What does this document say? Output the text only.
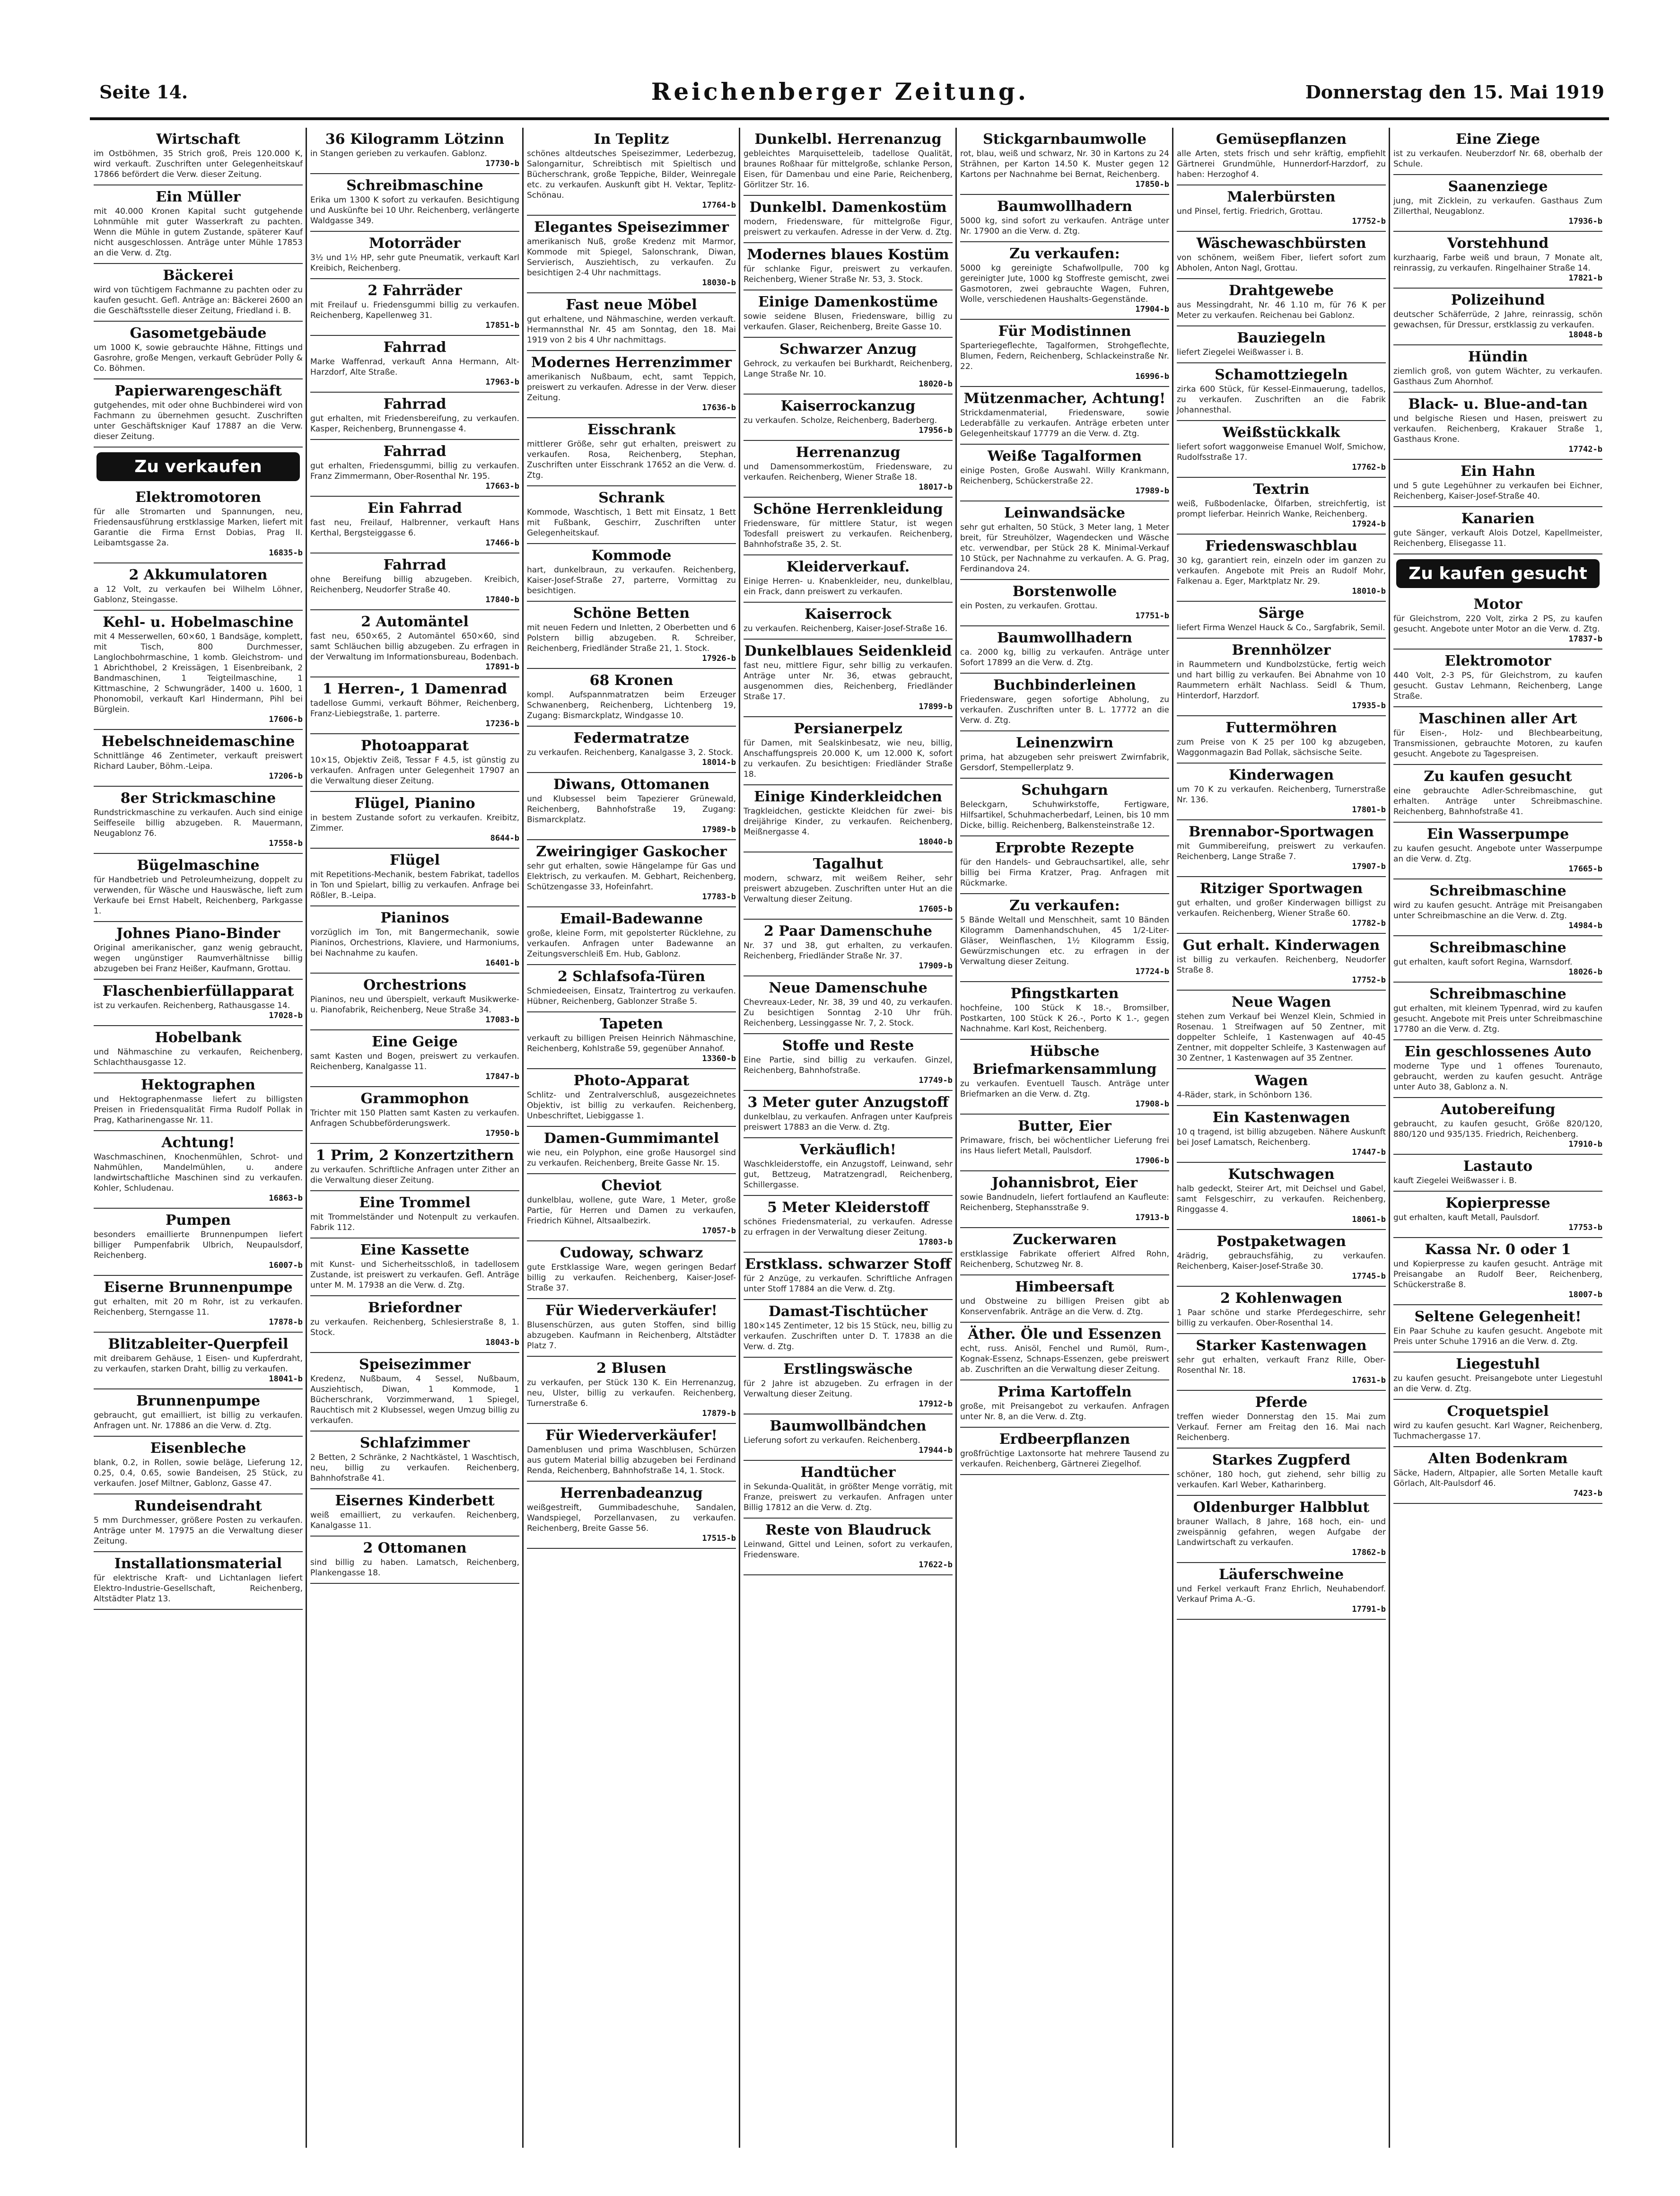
Seite 14.	Reichenberger Zeitung.	Donnerstag den 15. Mai 1919
Wirtschaft
im Ostböhmen, 35 Strich groß, Preis 120.000 K, wird verkauft. Zuschriften unter Gelegenheitskauf 17866 befördert die Verw. dieser Zeitung.
Ein Müller
mit 40.000 Kronen Kapital sucht gutgehende Lohnmühle mit guter Wasserkraft zu pachten. Wenn die Mühle in gutem Zustande, späterer Kauf nicht ausgeschlossen. Anträge unter Mühle 17853 an die Verw. d. Ztg.
Bäckerei
wird von tüchtigem Fachmanne zu pachten oder zu kaufen gesucht. Gefl. Anträge an: Bäckerei 2600 an die Geschäftsstelle dieser Zeitung, Friedland i. B.
Gasometgebäude
um 1000 K, sowie gebrauchte Hähne, Fittings und Gasrohre, große Mengen, verkauft Gebrüder Polly & Co. Böhmen.
Papierwarengeschäft
gutgehendes, mit oder ohne Buchbinderei wird von Fachmann zu übernehmen gesucht. Zuschriften unter Geschäftskniger Kauf 17887 an die Verw. dieser Zeitung.
Zu verkaufen
Elektromotoren
für alle Stromarten und Spannungen, neu, Friedensausführung erstklassige Marken, liefert mit Garantie die Firma Ernst Dobias, Prag II. Leibamtsgasse 2a.
16835-b
2 Akkumulatoren
a 12 Volt, zu verkaufen bei Wilhelm Löhner, Gablonz, Steingasse.
Kehl- u. Hobelmaschine
mit 4 Messerwellen, 60×60, 1 Bandsäge, komplett, mit Tisch, 800 Durchmesser, Langlochbohrmaschine, 1 komb. Gleichstrom- und 1 Abrichthobel, 2 Kreissägen, 1 Eisenbreibank, 2 Bandmaschinen, 1 Teigteilmaschine, 1 Kittmaschine, 2 Schwungräder, 1400 u. 1600, 1 Phonomobil, verkauft Karl Hindermann, Pihl bei Bürglein.
17606-b
Hebelschneidemaschine
Schnittlänge 46 Zentimeter, verkauft preiswert Richard Lauber, Böhm.-Leipa.
17206-b
8er Strickmaschine
Rundstrickmaschine zu verkaufen. Auch sind einige Seiffeseile billig abzugeben. R. Mauermann, Neugablonz 76.
17558-b
Bügelmaschine
für Handbetrieb und Petroleumheizung, doppelt zu verwenden, für Wäsche und Hauswäsche, lieft zum Verkaufe bei Ernst Habelt, Reichenberg, Parkgasse 1.
Johnes Piano-Binder
Original amerikanischer, ganz wenig gebraucht, wegen ungünstiger Raumverhältnisse billig abzugeben bei Franz Heißer, Kaufmann, Grottau.
Flaschenbierfüllapparat
ist zu verkaufen. Reichenberg, Rathausgasse 14.
17028-b
Hobelbank
und Nähmaschine zu verkaufen, Reichenberg, Schlachthausgasse 12.
Hektographen
und Hektographenmasse liefert zu billigsten Preisen in Friedensqualität Firma Rudolf Pollak in Prag, Katharinengasse Nr. 11.
Achtung!
Waschmaschinen, Knochenmühlen, Schrot- und Nahmühlen, Mandelmühlen, u. andere landwirtschaftliche Maschinen sind zu verkaufen. Kohler, Schludenau.
16863-b
Pumpen
besonders emaillierte Brunnenpumpen liefert billiger Pumpenfabrik Ulbrich, Neupaulsdorf, Reichenberg.
16007-b
Eiserne Brunnenpumpe
gut erhalten, mit 20 m Rohr, ist zu verkaufen. Reichenberg, Sterngasse 11.
17878-b
Blitzableiter-Querpfeil
mit dreibarem Gehäuse, 1 Eisen- und Kupferdraht, zu verkaufen, starken Draht, billig zu verkaufen.
18041-b
Brunnenpumpe
gebraucht, gut emailliert, ist billig zu verkaufen. Anfragen unt. Nr. 17886 an die Verw. d. Ztg.
Eisenbleche
blank, 0.2, in Rollen, sowie beläge, Lieferung 12, 0.25, 0.4, 0.65, sowie Bandeisen, 25 Stück, zu verkaufen. Josef Miltner, Gablonz, Gasse 47.
Rundeisendraht
5 mm Durchmesser, größere Posten zu verkaufen. Anträge unter M. 17975 an die Verwaltung dieser Zeitung.
Installationsmaterial
für elektrische Kraft- und Lichtanlagen liefert Elektro-Industrie-Gesellschaft, Reichenberg, Altstädter Platz 13.
36 Kilogramm Lötzinn
in Stangen gerieben zu verkaufen. Gablonz.
17730-b
Schreibmaschine
Erika um 1300 K sofort zu verkaufen. Besichtigung und Auskünfte bei 10 Uhr. Reichenberg, verlängerte Waldgasse 349.
Motorräder
3½ und 1½ HP, sehr gute Pneumatik, verkauft Karl Kreibich, Reichenberg.
2 Fahrräder
mit Freilauf u. Friedensgummi billig zu verkaufen. Reichenberg, Kapellenweg 31.
17851-b
Fahrrad
Marke Waffenrad, verkauft Anna Hermann, Alt-Harzdorf, Alte Straße.
17963-b
Fahrrad
gut erhalten, mit Friedensbereifung, zu verkaufen. Kasper, Reichenberg, Brunnengasse 4.
Fahrrad
gut erhalten, Friedensgummi, billig zu verkaufen. Franz Zimmermann, Ober-Rosenthal Nr. 195.
17663-b
Ein Fahrrad
fast neu, Freilauf, Halbrenner, verkauft Hans Kerthal, Bergsteiggasse 6.
17466-b
Fahrrad
ohne Bereifung billig abzugeben. Kreibich, Reichenberg, Neudorfer Straße 40.
17840-b
2 Automäntel
fast neu, 650×65, 2 Automäntel 650×60, sind samt Schläuchen billig abzugeben. Zu erfragen in der Verwaltung im Informationsbureau, Bodenbach.
17891-b
1 Herren-, 1 Damenrad
tadellose Gummi, verkauft Böhmer, Reichenberg, Franz-Liebiegstraße, 1. parterre.
17236-b
Photoapparat
10×15, Objektiv Zeiß, Tessar F 4.5, ist günstig zu verkaufen. Anfragen unter Gelegenheit 17907 an die Verwaltung dieser Zeitung.
Flügel, Pianino
in bestem Zustande sofort zu verkaufen. Kreibitz, Zimmer.
8644-b
Flügel
mit Repetitions-Mechanik, bestem Fabrikat, tadellos in Ton und Spielart, billig zu verkaufen. Anfrage bei Rößler, B.-Leipa.
Pianinos
vorzüglich im Ton, mit Bangermechanik, sowie Pianinos, Orchestrions, Klaviere, und Harmoniums, bei Nachnahme zu kaufen.
16401-b
Orchestrions
Pianinos, neu und überspielt, verkauft Musikwerke- u. Pianofabrik, Reichenberg, Neue Straße 34.
17083-b
Eine Geige
samt Kasten und Bogen, preiswert zu verkaufen. Reichenberg, Kanalgasse 11.
17847-b
Grammophon
Trichter mit 150 Platten samt Kasten zu verkaufen. Anfragen Schubbeförderungswerk.
17950-b
1 Prim, 2 Konzertzithern
zu verkaufen. Schriftliche Anfragen unter Zither an die Verwaltung dieser Zeitung.
Eine Trommel
mit Trommelständer und Notenpult zu verkaufen. Fabrik 112.
Eine Kassette
mit Kunst- und Sicherheitsschloß, in tadellosem Zustande, ist preiswert zu verkaufen. Gefl. Anträge unter M. M. 17938 an die Verw. d. Ztg.
Briefordner
zu verkaufen. Reichenberg, Schlesierstraße 8, 1. Stock.
18043-b
Speisezimmer
Kredenz, Nußbaum, 4 Sessel, Nußbaum, Ausziehtisch, Diwan, 1 Kommode, 1 Bücherschrank, Vorzimmerwand, 1 Spiegel, Rauchtisch mit 2 Klubsessel, wegen Umzug billig zu verkaufen.
Schlafzimmer
2 Betten, 2 Schränke, 2 Nachtkästel, 1 Waschtisch, neu, billig zu verkaufen. Reichenberg, Bahnhofstraße 41.
Eisernes Kinderbett
weiß emailliert, zu verkaufen. Reichenberg, Kanalgasse 11.
2 Ottomanen
sind billig zu haben. Lamatsch, Reichenberg, Plankengasse 18.
In Teplitz
schönes altdeutsches Speisezimmer, Lederbezug, Salongarnitur, Schreibtisch mit Spieltisch und Bücherschrank, große Teppiche, Bilder, Weinregale etc. zu verkaufen. Auskunft gibt H. Vektar, Teplitz-Schönau.
17764-b
Elegantes Speisezimmer
amerikanisch Nuß, große Kredenz mit Marmor, Kommode mit Spiegel, Salonschrank, Diwan, Servierisch, Ausziehtisch, zu verkaufen. Zu besichtigen 2-4 Uhr nachmittags.
18030-b
Fast neue Möbel
gut erhaltene, und Nähmaschine, werden verkauft. Hermannsthal Nr. 45 am Sonntag, den 18. Mai 1919 von 2 bis 4 Uhr nachmittags.
Modernes Herrenzimmer
amerikanisch Nußbaum, echt, samt Teppich, preiswert zu verkaufen. Adresse in der Verw. dieser Zeitung.
17636-b
Eisschrank
mittlerer Größe, sehr gut erhalten, preiswert zu verkaufen. Rosa, Reichenberg, Stephan, Zuschriften unter Eisschrank 17652 an die Verw. d. Ztg.
Schrank
Kommode, Waschtisch, 1 Bett mit Einsatz, 1 Bett mit Fußbank, Geschirr, Zuschriften unter Gelegenheitskauf.
Kommode
hart, dunkelbraun, zu verkaufen. Reichenberg, Kaiser-Josef-Straße 27, parterre, Vormittag zu besichtigen.
Schöne Betten
mit neuen Federn und Inletten, 2 Oberbetten und 6 Polstern billig abzugeben. R. Schreiber, Reichenberg, Friedländer Straße 21, 1. Stock.
17926-b
68 Kronen
kompl. Aufspannmatratzen beim Erzeuger Schwanenberg, Reichenberg, Lichtenberg 19, Zugang: Bismarckplatz, Windgasse 10.
Federmatratze
zu verkaufen. Reichenberg, Kanalgasse 3, 2. Stock.
18014-b
Diwans, Ottomanen
und Klubsessel beim Tapezierer Grünewald, Reichenberg, Bahnhofstraße 19, Zugang: Bismarckplatz.
17989-b
Zweiringiger Gaskocher
sehr gut erhalten, sowie Hängelampe für Gas und Elektrisch, zu verkaufen. M. Gebhart, Reichenberg, Schützengasse 33, Hofeinfahrt.
17783-b
Email-Badewanne
große, kleine Form, mit gepolsterter Rücklehne, zu verkaufen. Anfragen unter Badewanne an Zeitungsverschleiß Em. Hub, Gablonz.
2 Schlafsofa-Türen
Schmiedeeisen, Einsatz, Traintertrog zu verkaufen. Hübner, Reichenberg, Gablonzer Straße 5.
Tapeten
verkauft zu billigen Preisen Heinrich Nähmaschine, Reichenberg, Kohlstraße 59, gegenüber Annahof.
13360-b
Photo-Apparat
Schlitz- und Zentralverschluß, ausgezeichnetes Objektiv, ist billig zu verkaufen. Reichenberg, Unbeschriftet, Liebiggasse 1.
Damen-Gummimantel
wie neu, ein Polyphon, eine große Hausorgel sind zu verkaufen. Reichenberg, Breite Gasse Nr. 15.
Cheviot
dunkelblau, wollene, gute Ware, 1 Meter, große Partie, für Herren und Damen zu verkaufen, Friedrich Kühnel, Altsaalbezirk.
17057-b
Cudoway, schwarz
gute Erstklassige Ware, wegen geringen Bedarf billig zu verkaufen. Reichenberg, Kaiser-Josef-Straße 37.
Für Wiederverkäufer!
Blusenschürzen, aus guten Stoffen, sind billig abzugeben. Kaufmann in Reichenberg, Altstädter Platz 7.
2 Blusen
zu verkaufen, per Stück 130 K. Ein Herrenanzug, neu, Ulster, billig zu verkaufen. Reichenberg, Turnerstraße 6.
17879-b
Für Wiederverkäufer!
Damenblusen und prima Waschblusen, Schürzen aus gutem Material billig abzugeben bei Ferdinand Renda, Reichenberg, Bahnhofstraße 14, 1. Stock.
Herrenbadeanzug
weißgestreift, Gummibadeschuhe, Sandalen, Wandspiegel, Porzellanvasen, zu verkaufen. Reichenberg, Breite Gasse 56.
17515-b
Dunkelbl. Herrenanzug
gebleichtes Marquisetteleib, tadellose Qualität, braunes Roßhaar für mittelgroße, schlanke Person, Eisen, für Damenbau und eine Parie, Reichenberg, Görlitzer Str. 16.
Dunkelbl. Damenkostüm
modern, Friedensware, für mittelgroße Figur, preiswert zu verkaufen. Adresse in der Verw. d. Ztg.
Modernes blaues Kostüm
für schlanke Figur, preiswert zu verkaufen. Reichenberg, Wiener Straße Nr. 53, 3. Stock.
Einige Damenkostüme
sowie seidene Blusen, Friedensware, billig zu verkaufen. Glaser, Reichenberg, Breite Gasse 10.
Schwarzer Anzug
Gehrock, zu verkaufen bei Burkhardt, Reichenberg, Lange Straße Nr. 10.
18020-b
Kaiserrockanzug
zu verkaufen. Scholze, Reichenberg, Baderberg.
17956-b
Herrenanzug
und Damensommerkostüm, Friedensware, zu verkaufen. Reichenberg, Wiener Straße 18.
18017-b
Schöne Herrenkleidung
Friedensware, für mittlere Statur, ist wegen Todesfall preiswert zu verkaufen. Reichenberg, Bahnhofstraße 35, 2. St.
Kleiderverkauf.
Einige Herren- u. Knabenkleider, neu, dunkelblau, ein Frack, dann preiswert zu verkaufen.
Kaiserrock
zu verkaufen. Reichenberg, Kaiser-Josef-Straße 16.
Dunkelblaues Seidenkleid
fast neu, mittlere Figur, sehr billig zu verkaufen. Anträge unter Nr. 36, etwas gebraucht, ausgenommen dies, Reichenberg, Friedländer Straße 17.
17899-b
Persianerpelz
für Damen, mit Sealskinbesatz, wie neu, billig, Anschaffungspreis 20.000 K, um 12.000 K, sofort zu verkaufen. Zu besichtigen: Friedländer Straße 18.
Einige Kinderkleidchen
Tragkleidchen, gestickte Kleidchen für zwei- bis dreijährige Kinder, zu verkaufen. Reichenberg, Meißnergasse 4.
18040-b
Tagalhut
modern, schwarz, mit weißem Reiher, sehr preiswert abzugeben. Zuschriften unter Hut an die Verwaltung dieser Zeitung.
17605-b
2 Paar Damenschuhe
Nr. 37 und 38, gut erhalten, zu verkaufen. Reichenberg, Friedländer Straße Nr. 37.
17909-b
Neue Damenschuhe
Chevreaux-Leder, Nr. 38, 39 und 40, zu verkaufen. Zu besichtigen Sonntag 2-10 Uhr früh. Reichenberg, Lessinggasse Nr. 7, 2. Stock.
Stoffe und Reste
Eine Partie, sind billig zu verkaufen. Ginzel, Reichenberg, Bahnhofstraße.
17749-b
3 Meter guter Anzugstoff
dunkelblau, zu verkaufen. Anfragen unter Kaufpreis preiswert 17883 an die Verw. d. Ztg.
Verkäuflich!
Waschkleiderstoffe, ein Anzugstoff, Leinwand, sehr gut, Bettzeug, Matratzengradl, Reichenberg, Schillergasse.
5 Meter Kleiderstoff
schönes Friedensmaterial, zu verkaufen. Adresse zu erfragen in der Verwaltung dieser Zeitung.
17803-b
Erstklass. schwarzer Stoff
für 2 Anzüge, zu verkaufen. Schriftliche Anfragen unter Stoff 17884 an die Verw. d. Ztg.
Damast-Tischtücher
180×145 Zentimeter, 12 bis 15 Stück, neu, billig zu verkaufen. Zuschriften unter D. T. 17838 an die Verw. d. Ztg.
Erstlingswäsche
für 2 Jahre ist abzugeben. Zu erfragen in der Verwaltung dieser Zeitung.
17912-b
Baumwollbändchen
Lieferung sofort zu verkaufen. Reichenberg.
17944-b
Handtücher
in Sekunda-Qualität, in größter Menge vorrätig, mit Franze, preiswert zu verkaufen. Anfragen unter Billig 17812 an die Verw. d. Ztg.
Reste von Blaudruck
Leinwand, Gittel und Leinen, sofort zu verkaufen, Friedensware.
17622-b
Stickgarnbaumwolle
rot, blau, weiß und schwarz, Nr. 30 in Kartons zu 24 Strähnen, per Karton 14.50 K. Muster gegen 12 Kartons per Nachnahme bei Bernat, Reichenberg.
17850-b
Baumwollhadern
5000 kg, sind sofort zu verkaufen. Anträge unter Nr. 17900 an die Verw. d. Ztg.
Zu verkaufen:
5000 kg gereinigte Schafwollpulle, 700 kg gereinigter Jute, 1000 kg Stoffreste gemischt, zwei Gasmotoren, zwei gebrauchte Wagen, Fuhren, Wolle, verschiedenen Haushalts-Gegenstände.
17904-b
Für Modistinnen
Sparteriegeflechte, Tagalformen, Strohgeflechte, Blumen, Federn, Reichenberg, Schlackeinstraße Nr. 22.
16996-b
Mützenmacher, Achtung!
Strickdamenmaterial, Friedensware, sowie Lederabfälle zu verkaufen. Anträge erbeten unter Gelegenheitskauf 17779 an die Verw. d. Ztg.
Weiße Tagalformen
einige Posten, Große Auswahl. Willy Krankmann, Reichenberg, Schückerstraße 22.
17989-b
Leinwandsäcke
sehr gut erhalten, 50 Stück, 3 Meter lang, 1 Meter breit, für Streuhölzer, Wagendecken und Wäsche etc. verwendbar, per Stück 28 K. Minimal-Verkauf 10 Stück, per Nachnahme zu verkaufen. A. G. Prag, Ferdinandova 24.
Borstenwolle
ein Posten, zu verkaufen. Grottau.
17751-b
Baumwollhadern
ca. 2000 kg, billig zu verkaufen. Anträge unter Sofort 17899 an die Verw. d. Ztg.
Buchbinderleinen
Friedensware, gegen sofortige Abholung, zu verkaufen. Zuschriften unter B. L. 17772 an die Verw. d. Ztg.
Leinenzwirn
prima, hat abzugeben sehr preiswert Zwirnfabrik, Gersdorf, Stempellerplatz 9.
Schuhgarn
Beleckgarn, Schuhwirkstoffe, Fertigware, Hilfsartikel, Schuhmacherbedarf, Leinen, bis 10 mm Dicke, billig. Reichenberg, Balkensteinstraße 12.
Erprobte Rezepte
für den Handels- und Gebrauchsartikel, alle, sehr billig bei Firma Kratzer, Prag. Anfragen mit Rückmarke.
Zu verkaufen:
5 Bände Weltall und Menschheit, samt 10 Bänden Kilogramm Damenhandschuhen, 45 1/2-Liter-Gläser, Weinflaschen, 1½ Kilogramm Essig, Gewürzmischungen etc. zu erfragen in der Verwaltung dieser Zeitung.
17724-b
Pfingstkarten
hochfeine, 100 Stück K 18.-, Bromsilber, Postkarten, 100 Stück K 26.-, Porto K 1.-, gegen Nachnahme. Karl Kost, Reichenberg.
Hübsche Briefmarkensammlung
zu verkaufen. Eventuell Tausch. Anträge unter Briefmarken an die Verw. d. Ztg.
17908-b
Butter, Eier
Primaware, frisch, bei wöchentlicher Lieferung frei ins Haus liefert Metall, Paulsdorf.
17906-b
Johannisbrot, Eier
sowie Bandnudeln, liefert fortlaufend an Kaufleute: Reichenberg, Stephansstraße 9.
17913-b
Zuckerwaren
erstklassige Fabrikate offeriert Alfred Rohn, Reichenberg, Schutzweg Nr. 8.
Himbeersaft
und Obstweine zu billigen Preisen gibt ab Konservenfabrik. Anträge an die Verw. d. Ztg.
Äther. Öle und Essenzen
echt, russ. Anisöl, Fenchel und Rumöl, Rum-, Kognak-Essenz, Schnaps-Essenzen, gebe preiswert ab. Zuschriften an die Verwaltung dieser Zeitung.
Prima Kartoffeln
große, mit Preisangebot zu verkaufen. Anfragen unter Nr. 8, an die Verw. d. Ztg.
Erdbeerpflanzen
großfrüchtige Laxtonsorte hat mehrere Tausend zu verkaufen. Reichenberg, Gärtnerei Ziegelhof.
Gemüsepflanzen
alle Arten, stets frisch und sehr kräftig, empfiehlt Gärtnerei Grundmühle, Hunnerdorf-Harzdorf, zu haben: Herzoghof 4.
Malerbürsten
und Pinsel, fertig. Friedrich, Grottau.
17752-b
Wäschewaschbürsten
von schönem, weißem Fiber, liefert sofort zum Abholen, Anton Nagl, Grottau.
Drahtgewebe
aus Messingdraht, Nr. 46 1.10 m, für 76 K per Meter zu verkaufen. Reichenau bei Gablonz.
Bauziegeln
liefert Ziegelei Weißwasser i. B.
Schamottziegeln
zirka 600 Stück, für Kessel-Einmauerung, tadellos, zu verkaufen. Zuschriften an die Fabrik Johannesthal.
Weißstückkalk
liefert sofort waggonweise Emanuel Wolf, Smichow, Rudolfsstraße 17.
17762-b
Textrin
weiß, Fußbodenlacke, Ölfarben, streichfertig, ist prompt lieferbar. Heinrich Wanke, Reichenberg.
17924-b
Friedenswaschblau
30 kg, garantiert rein, einzeln oder im ganzen zu verkaufen. Angebote mit Preis an Rudolf Mohr, Falkenau a. Eger, Marktplatz Nr. 29.
18010-b
Särge
liefert Firma Wenzel Hauck & Co., Sargfabrik, Semil.
Brennhölzer
in Raummetern und Kundbolzstücke, fertig weich und hart billig zu verkaufen. Bei Abnahme von 10 Raummetern erhält Nachlass. Seidl & Thum, Hinterdorf, Harzdorf.
17935-b
Futtermöhren
zum Preise von K 25 per 100 kg abzugeben, Waggonmagazin Bad Pollak, sächsische Seite.
Kinderwagen
um 70 K zu verkaufen. Reichenberg, Turnerstraße Nr. 136.
17801-b
Brennabor-Sportwagen
mit Gummibereifung, preiswert zu verkaufen. Reichenberg, Lange Straße 7.
17907-b
Ritziger Sportwagen
gut erhalten, und großer Kinderwagen billigst zu verkaufen. Reichenberg, Wiener Straße 60.
17782-b
Gut erhalt. Kinderwagen
ist billig zu verkaufen. Reichenberg, Neudorfer Straße 8.
17752-b
Neue Wagen
stehen zum Verkauf bei Wenzel Klein, Schmied in Rosenau. 1 Streifwagen auf 50 Zentner, mit doppelter Schleife, 1 Kastenwagen auf 40-45 Zentner, mit doppelter Schleife, 3 Kastenwagen auf 30 Zentner, 1 Kastenwagen auf 35 Zentner.
Wagen
4-Räder, stark, in Schönborn 136.
Ein Kastenwagen
10 q tragend, ist billig abzugeben. Nähere Auskunft bei Josef Lamatsch, Reichenberg.
17447-b
Kutschwagen
halb gedeckt, Steirer Art, mit Deichsel und Gabel, samt Felsgeschirr, zu verkaufen. Reichenberg, Ringgasse 4.
18061-b
Postpaketwagen
4rädrig, gebrauchsfähig, zu verkaufen. Reichenberg, Kaiser-Josef-Straße 30.
17745-b
2 Kohlenwagen
1 Paar schöne und starke Pferdegeschirre, sehr billig zu verkaufen. Ober-Rosenthal 14.
Starker Kastenwagen
sehr gut erhalten, verkauft Franz Rille, Ober-Rosenthal Nr. 18.
17631-b
Pferde
treffen wieder Donnerstag den 15. Mai zum Verkauf. Ferner am Freitag den 16. Mai nach Reichenberg.
Starkes Zugpferd
schöner, 180 hoch, gut ziehend, sehr billig zu verkaufen. Karl Weber, Katharinberg.
Oldenburger Halbblut
brauner Wallach, 8 Jahre, 168 hoch, ein- und zweispännig gefahren, wegen Aufgabe der Landwirtschaft zu verkaufen.
17862-b
Läuferschweine
und Ferkel verkauft Franz Ehrlich, Neuhabendorf. Verkauf Prima A.-G.
17791-b
Eine Ziege
ist zu verkaufen. Neuberzdorf Nr. 68, oberhalb der Schule.
Saanenziege
jung, mit Zicklein, zu verkaufen. Gasthaus Zum Zillerthal, Neugablonz.
17936-b
Vorstehhund
kurzhaarig, Farbe weiß und braun, 7 Monate alt, reinrassig, zu verkaufen. Ringelhainer Straße 14.
17821-b
Polizeihund
deutscher Schäferrüde, 2 Jahre, reinrassig, schön gewachsen, für Dressur, erstklassig zu verkaufen.
18048-b
Hündin
ziemlich groß, von gutem Wächter, zu verkaufen. Gasthaus Zum Ahornhof.
Black- u. Blue-and-tan
und belgische Riesen und Hasen, preiswert zu verkaufen. Reichenberg, Krakauer Straße 1, Gasthaus Krone.
17742-b
Ein Hahn
und 5 gute Legehühner zu verkaufen bei Eichner, Reichenberg, Kaiser-Josef-Straße 40.
Kanarien
gute Sänger, verkauft Alois Dotzel, Kapellmeister, Reichenberg, Elisegasse 11.
Zu kaufen gesucht
Motor
für Gleichstrom, 220 Volt, zirka 2 PS, zu kaufen gesucht. Angebote unter Motor an die Verw. d. Ztg.
17837-b
Elektromotor
440 Volt, 2-3 PS, für Gleichstrom, zu kaufen gesucht. Gustav Lehmann, Reichenberg, Lange Straße.
Maschinen aller Art
für Eisen-, Holz- und Blechbearbeitung, Transmissionen, gebrauchte Motoren, zu kaufen gesucht. Angebote zu Tagespreisen.
Zu kaufen gesucht
eine gebrauchte Adler-Schreibmaschine, gut erhalten. Anträge unter Schreibmaschine. Reichenberg, Bahnhofstraße 41.
Ein Wasserpumpe
zu kaufen gesucht. Angebote unter Wasserpumpe an die Verw. d. Ztg.
17665-b
Schreibmaschine
wird zu kaufen gesucht. Anträge mit Preisangaben unter Schreibmaschine an die Verw. d. Ztg.
14984-b
Schreibmaschine
gut erhalten, kauft sofort Regina, Warnsdorf.
18026-b
Schreibmaschine
gut erhalten, mit kleinem Typenrad, wird zu kaufen gesucht. Angebote mit Preis unter Schreibmaschine 17780 an die Verw. d. Ztg.
Ein geschlossenes Auto
moderne Type und 1 offenes Tourenauto, gebraucht, werden zu kaufen gesucht. Anträge unter Auto 38, Gablonz a. N.
Autobereifung
gebraucht, zu kaufen gesucht, Größe 820/120, 880/120 und 935/135. Friedrich, Reichenberg.
17910-b
Lastauto
kauft Ziegelei Weißwasser i. B.
Kopierpresse
gut erhalten, kauft Metall, Paulsdorf.
17753-b
Kassa Nr. 0 oder 1
und Kopierpresse zu kaufen gesucht. Anträge mit Preisangabe an Rudolf Beer, Reichenberg, Schückerstraße 8.
18007-b
Seltene Gelegenheit!
Ein Paar Schuhe zu kaufen gesucht. Angebote mit Preis unter Schuhe 17916 an die Verw. d. Ztg.
Liegestuhl
zu kaufen gesucht. Preisangebote unter Liegestuhl an die Verw. d. Ztg.
Croquetspiel
wird zu kaufen gesucht. Karl Wagner, Reichenberg, Tuchmachergasse 17.
Alten Bodenkram
Säcke, Hadern, Altpapier, alle Sorten Metalle kauft Görlach, Alt-Paulsdorf 46.
7423-b
